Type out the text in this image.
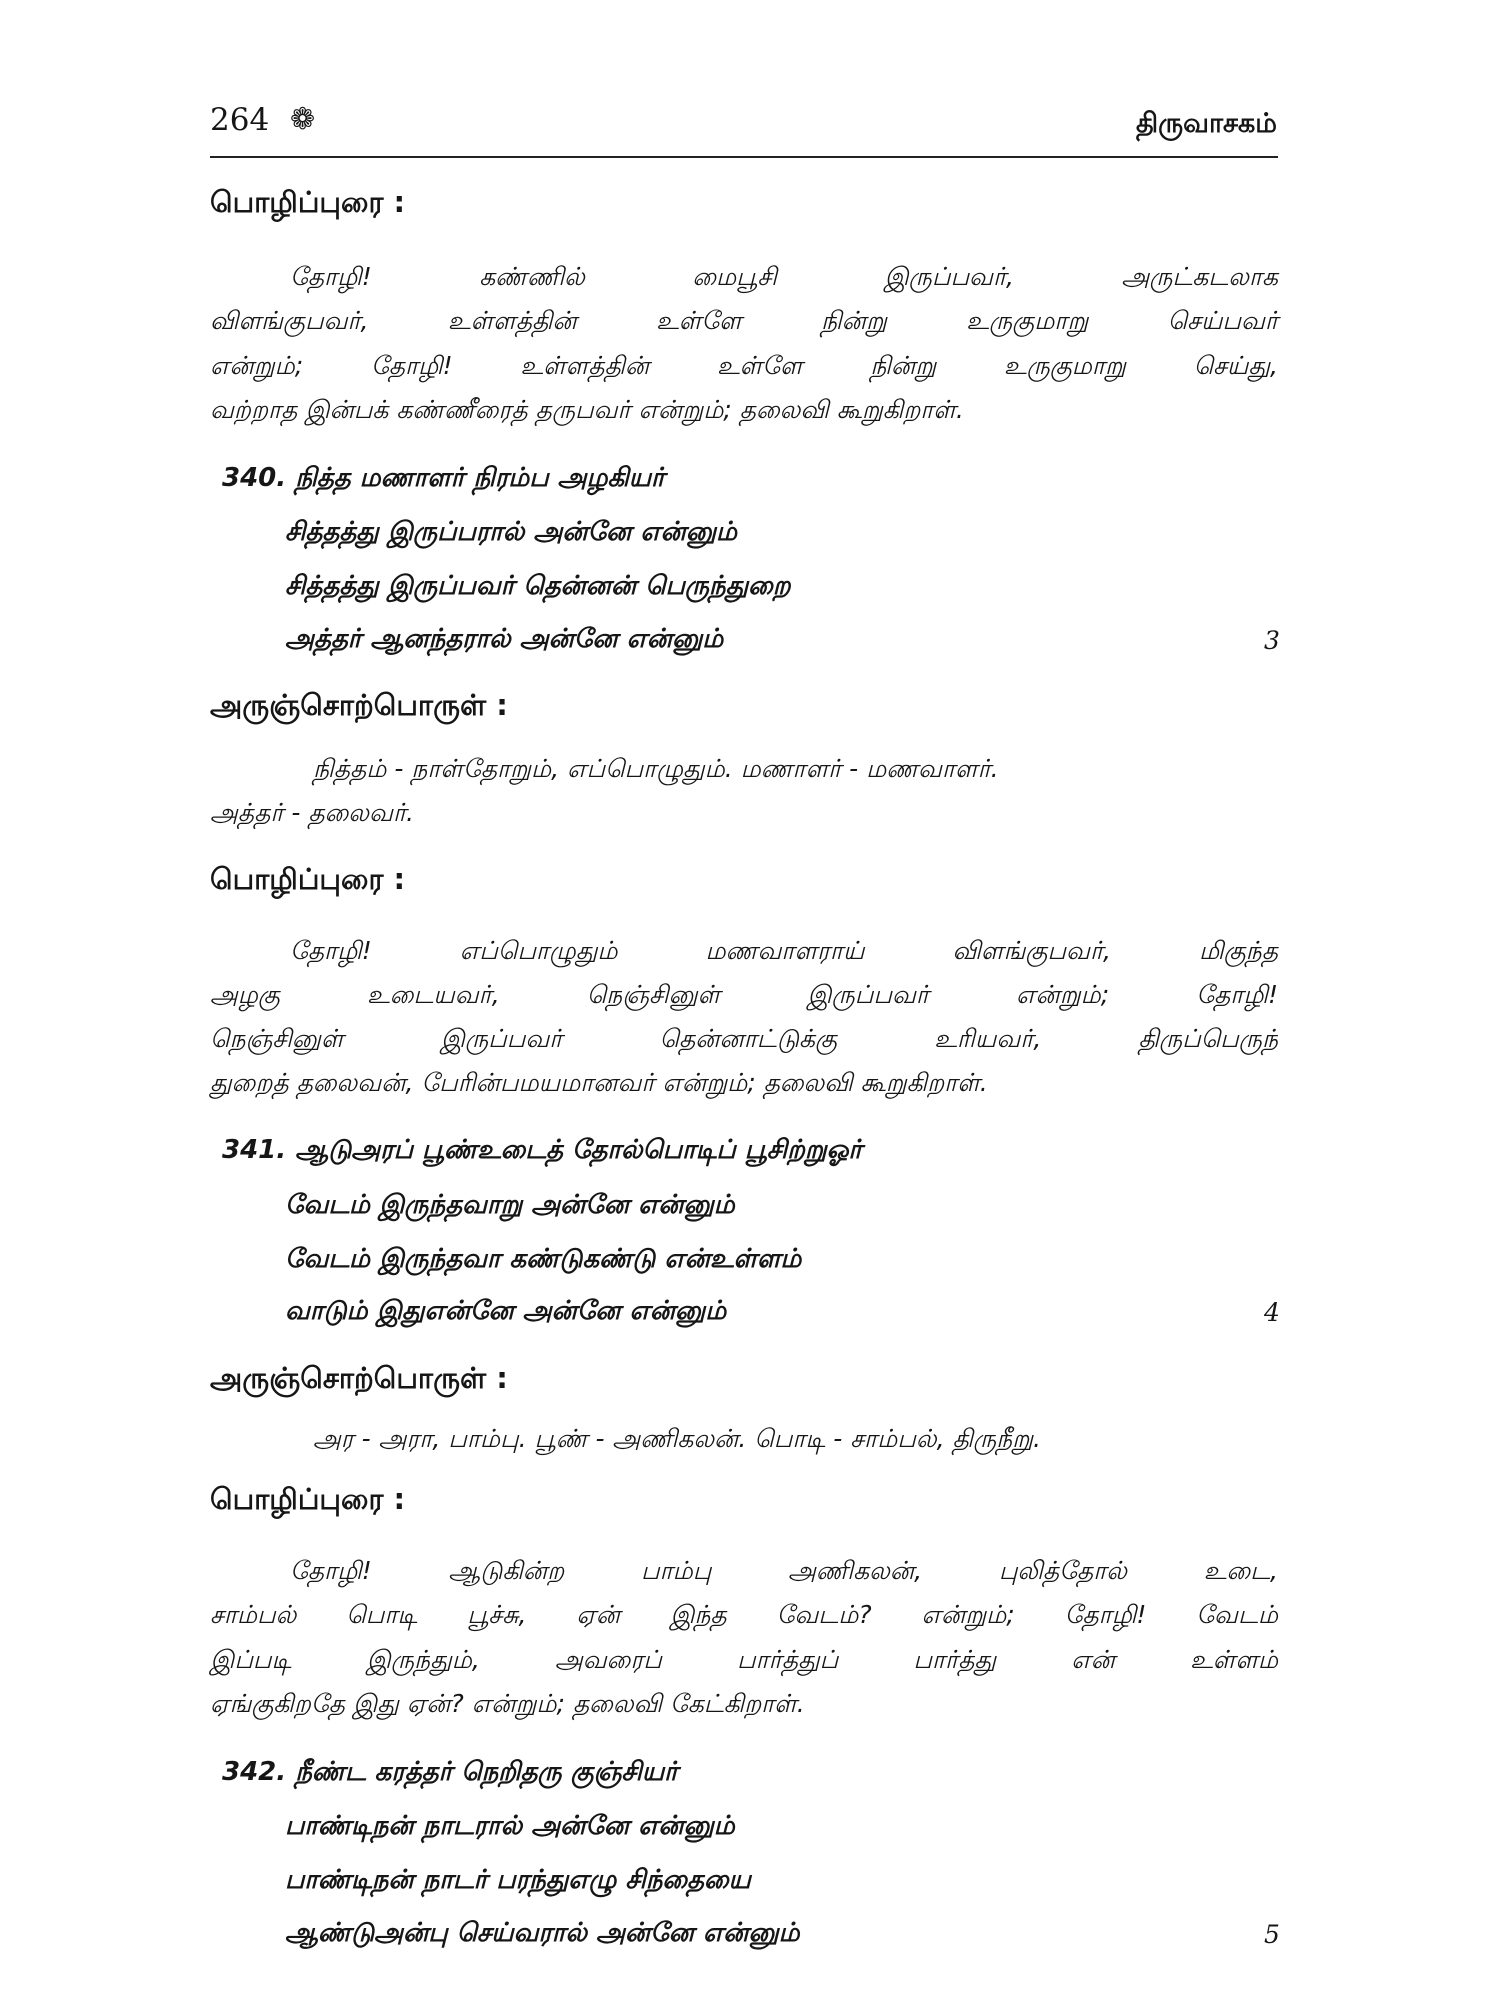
264 ❁	திருவாசகம்
பொழிப்புரை :
தோழி! கண்ணில் மைபூசி இருப்பவர், அருட்கடலாக
விளங்குபவர், உள்ளத்தின் உள்ளே நின்று உருகுமாறு செய்பவர்
என்றும்; தோழி! உள்ளத்தின் உள்ளே நின்று உருகுமாறு செய்து,
வற்றாத இன்பக் கண்ணீரைத் தருபவர் என்றும்; தலைவி கூறுகிறாள்.
340. நித்த மணாளர் நிரம்ப அழகியர்
சித்தத்து இருப்பரால் அன்னே என்னும்
சித்தத்து இருப்பவர் தென்னன் பெருந்துறை
அத்தர் ஆனந்தரால் அன்னே என்னும்	3
அருஞ்சொற்பொருள் :
நித்தம் - நாள்தோறும், எப்பொழுதும். மணாளர் - மணவாளர்.
அத்தர் - தலைவர்.
பொழிப்புரை :
தோழி! எப்பொழுதும் மணவாளராய் விளங்குபவர், மிகுந்த
அழகு உடையவர், நெஞ்சினுள் இருப்பவர் என்றும்; தோழி!
நெஞ்சினுள் இருப்பவர் தென்னாட்டுக்கு உரியவர், திருப்பெருந்
துறைத் தலைவன், பேரின்பமயமானவர் என்றும்; தலைவி கூறுகிறாள்.
341. ஆடுஅரப் பூண்உடைத் தோல்பொடிப் பூசிற்றுஓர்
வேடம் இருந்தவாறு அன்னே என்னும்
வேடம் இருந்தவா கண்டுகண்டு என்உள்ளம்
வாடும் இதுஎன்னே அன்னே என்னும்	4
அருஞ்சொற்பொருள் :
அர - அரா, பாம்பு. பூண் - அணிகலன். பொடி - சாம்பல், திருநீறு.
பொழிப்புரை :
தோழி! ஆடுகின்ற பாம்பு அணிகலன், புலித்தோல் உடை,
சாம்பல் பொடி பூச்சு, ஏன் இந்த வேடம்? என்றும்; தோழி! வேடம்
இப்படி இருந்தும், அவரைப் பார்த்துப் பார்த்து என் உள்ளம்
ஏங்குகிறதே இது ஏன்? என்றும்; தலைவி கேட்கிறாள்.
342. நீண்ட கரத்தர் நெறிதரு குஞ்சியர்
பாண்டிநன் நாடரால் அன்னே என்னும்
பாண்டிநன் நாடர் பரந்துஎழு சிந்தையை
ஆண்டுஅன்பு செய்வரால் அன்னே என்னும்	5
